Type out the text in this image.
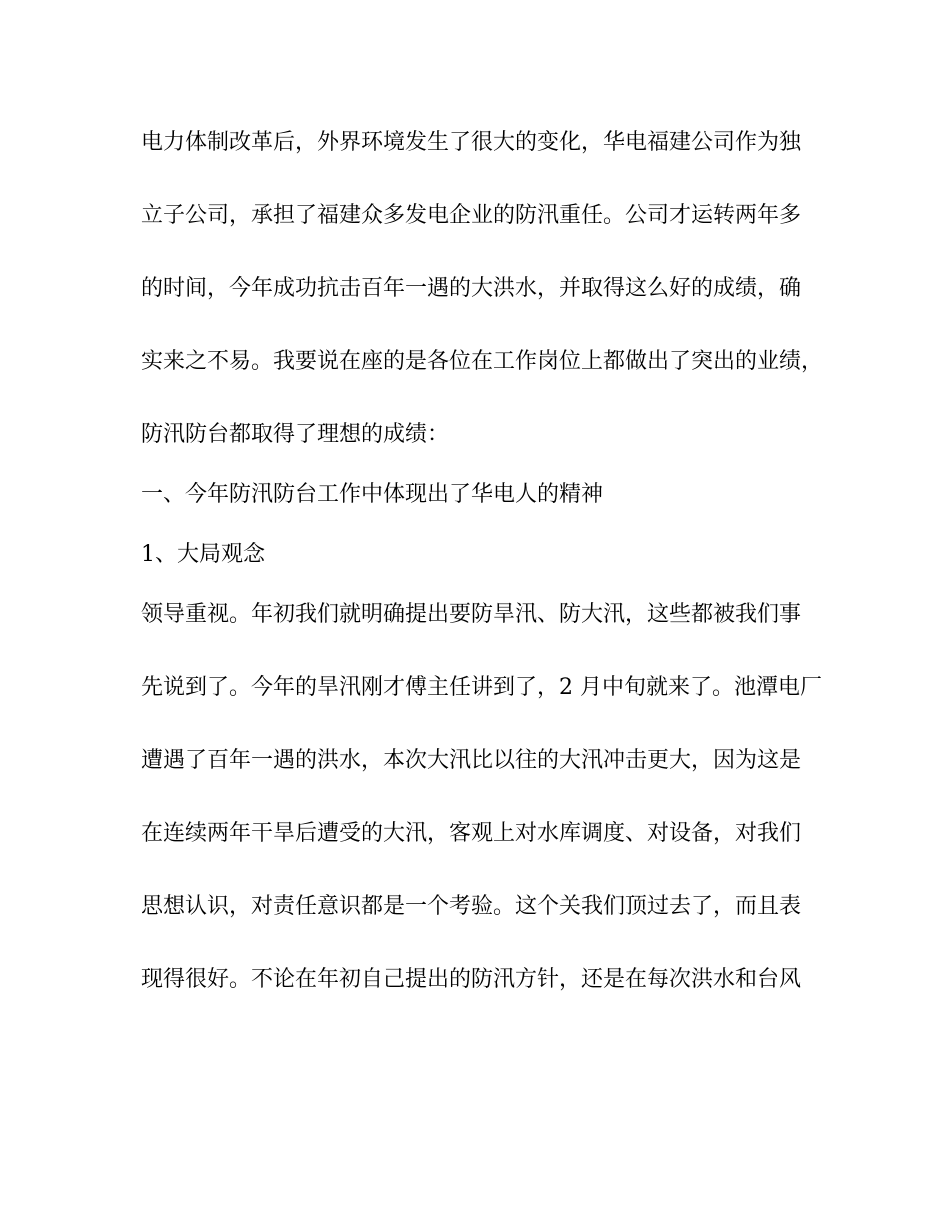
电力体制改革后，外界环境发生了很大的变化，华电福建公司作为独
立子公司，承担了福建众多发电企业的防汛重任。公司才运转两年多
的时间，今年成功抗击百年一遇的大洪水，并取得这么好的成绩，确
实来之不易。我要说在座的是各位在工作岗位上都做出了突出的业绩，
防汛防台都取得了理想的成绩：
一、今年防汛防台工作中体现出了华电人的精神
1、大局观念
领导重视。年初我们就明确提出要防旱汛、防大汛，这些都被我们事
先说到了。今年的旱汛刚才傅主任讲到了，2 月中旬就来了。池潭电厂
遭遇了百年一遇的洪水，本次大汛比以往的大汛冲击更大，因为这是
在连续两年干旱后遭受的大汛，客观上对水库调度、对设备，对我们
思想认识，对责任意识都是一个考验。这个关我们顶过去了，而且表
现得很好。不论在年初自己提出的防汛方针，还是在每次洪水和台风
